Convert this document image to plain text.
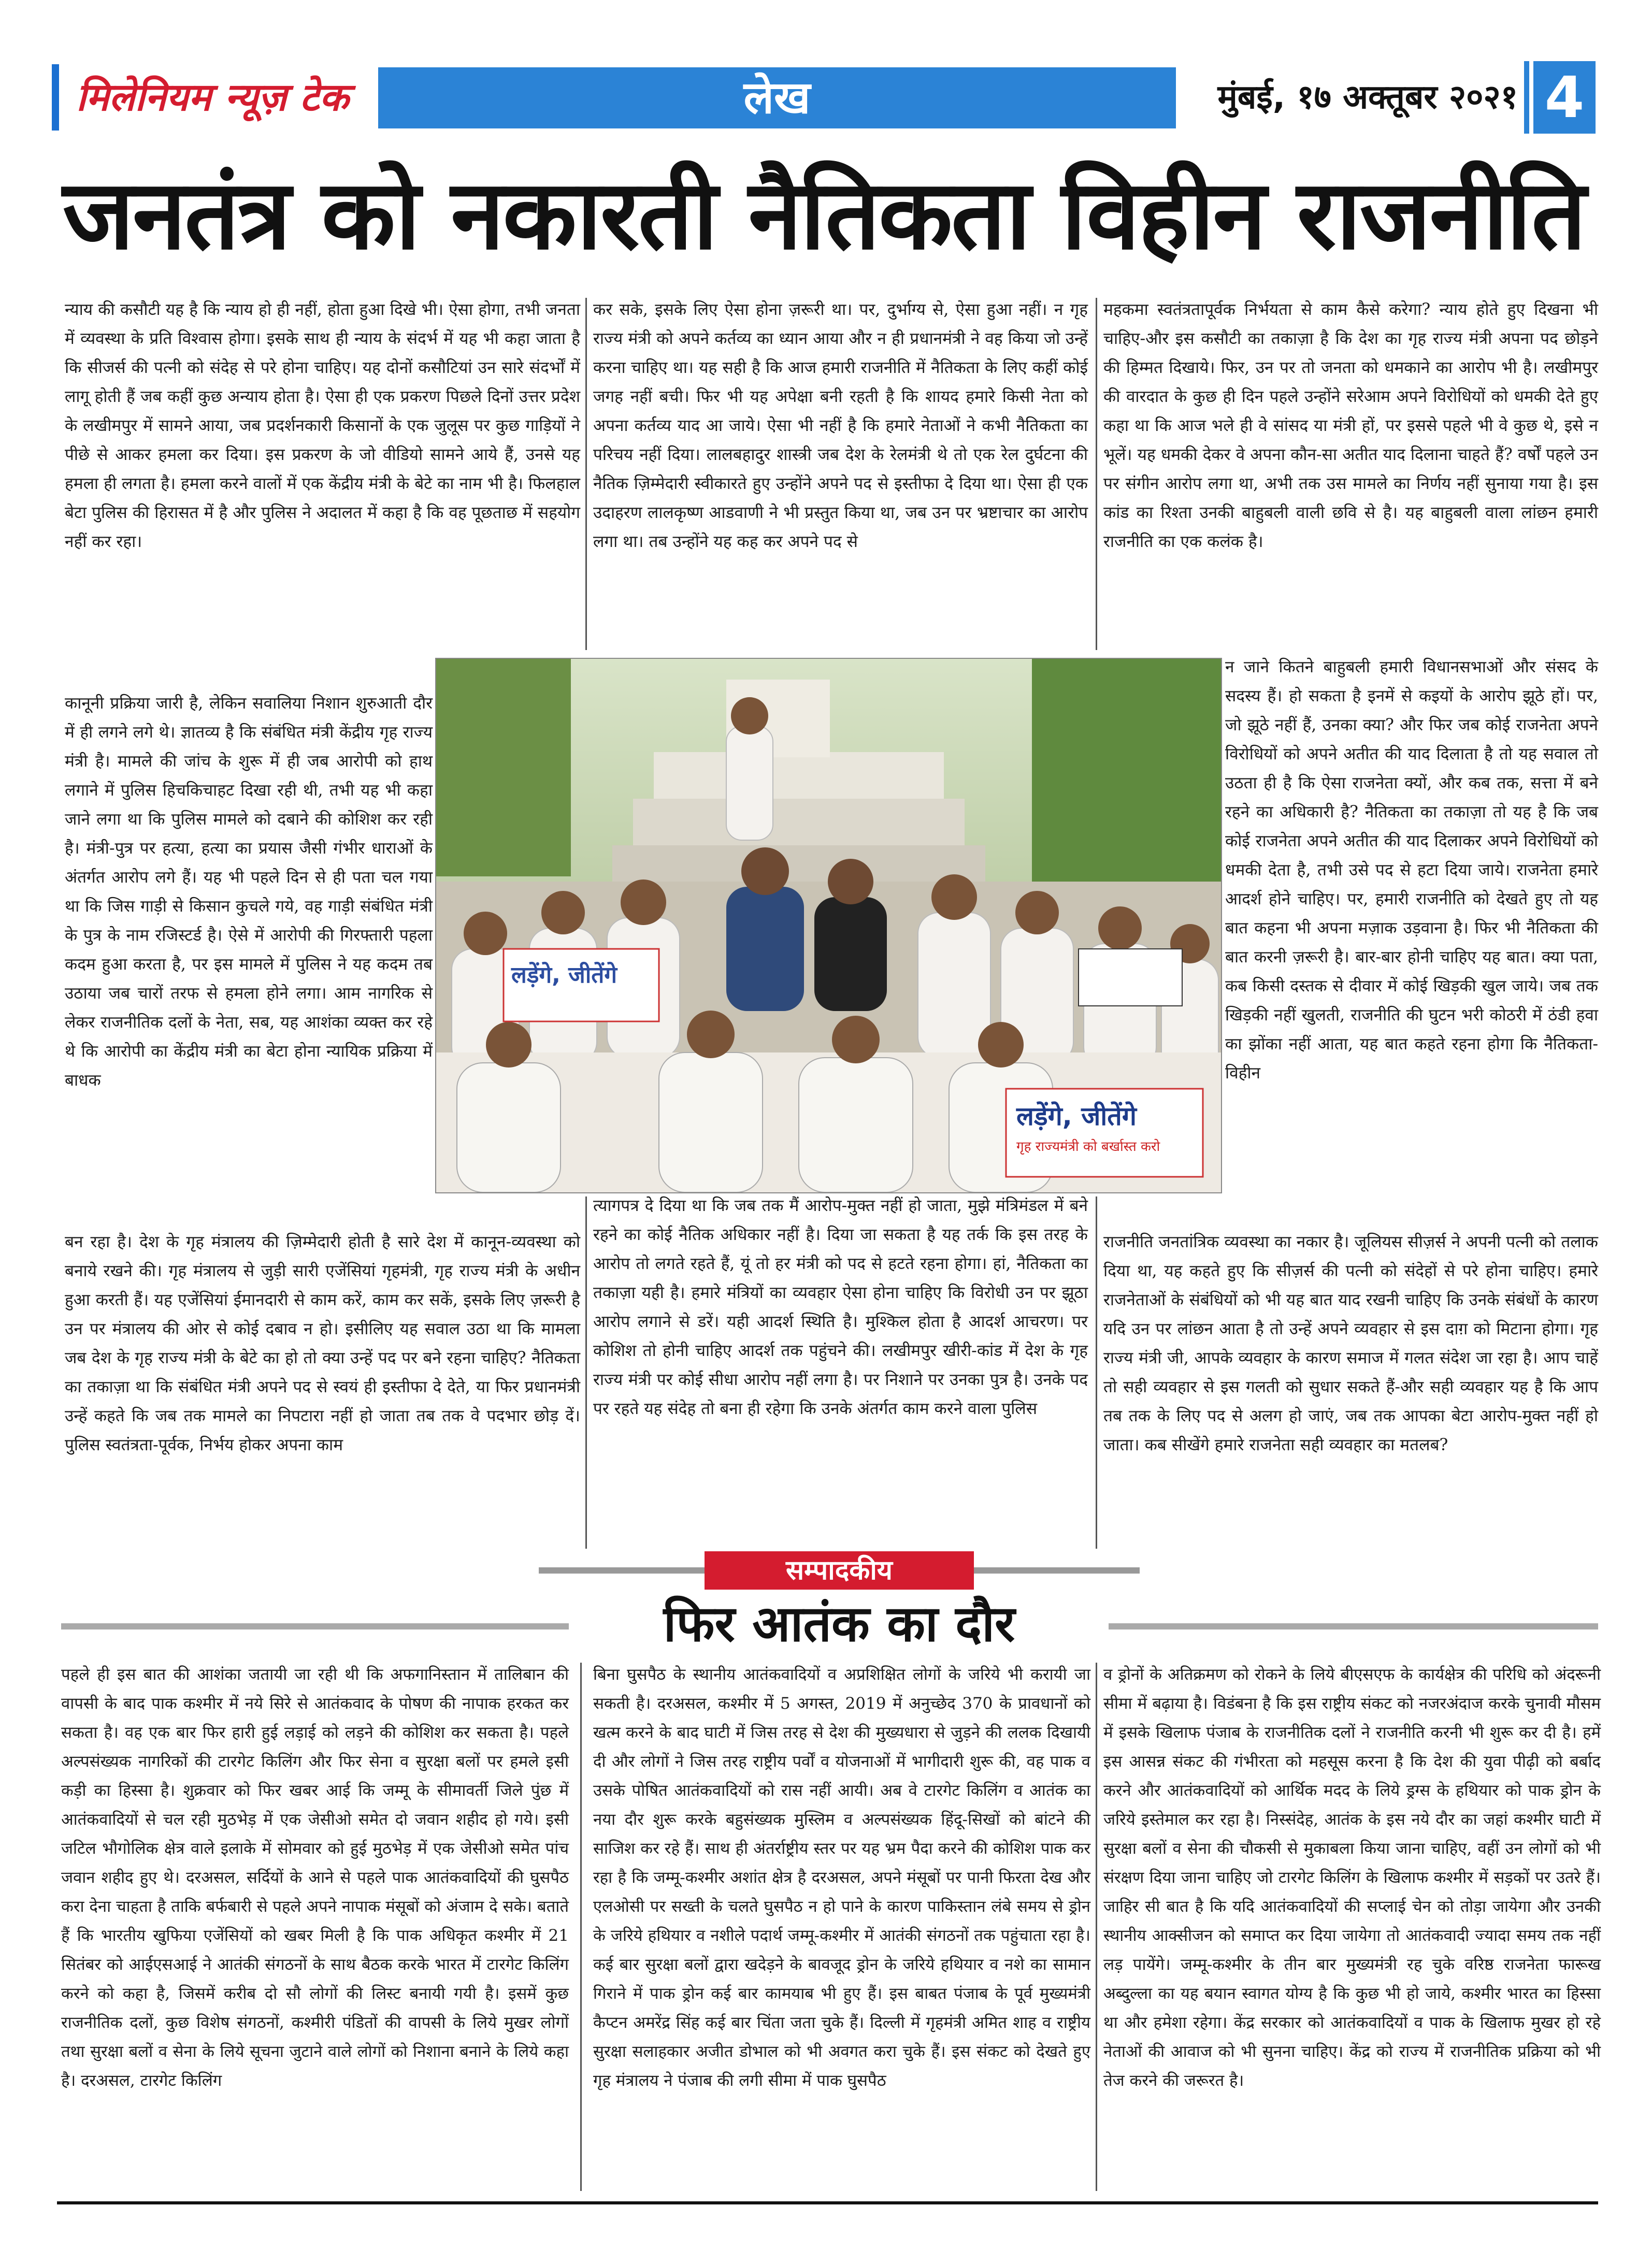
मिलेनियम न्यूज़ टेक	लेख	मुंबई, १७ अक्तूबर २०२१ 4
जनतंत्र को नकारती नैतिकता विहीन राजनीति

न्याय की कसौटी यह है कि न्याय हो ही नहीं, होता हुआ दिखे भी। ऐसा होगा, तभी जनता में व्यवस्था के प्रति विश्वास होगा। इसके साथ ही न्याय के संदर्भ में यह भी कहा जाता है कि सीजर्स की पत्नी को संदेह से परे होना चाहिए। यह दोनों कसौटियां उन सारे संदर्भों में लागू होती हैं जब कहीं कुछ अन्याय होता है। ऐसा ही एक प्रकरण पिछले दिनों उत्तर प्रदेश के लखीमपुर में सामने आया, जब प्रदर्शनकारी किसानों के एक जुलूस पर कुछ गाड़ियों ने पीछे से आकर हमला कर दिया। इस प्रकरण के जो वीडियो सामने आये हैं, उनसे यह हमला ही लगता है। हमला करने वालों में एक केंद्रीय मंत्री के बेटे का नाम भी है। फिलहाल बेटा पुलिस की हिरासत में है और पुलिस ने अदालत में कहा है कि वह पूछताछ में सहयोग नहीं कर रहा।

कानूनी प्रक्रिया जारी है, लेकिन सवालिया निशान शुरुआती दौर में ही लगने लगे थे। ज्ञातव्य है कि संबंधित मंत्री केंद्रीय गृह राज्य मंत्री है। मामले की जांच के शुरू में ही जब आरोपी को हाथ लगाने में पुलिस हिचकिचाहट दिखा रही थी, तभी यह भी कहा जाने लगा था कि पुलिस मामले को दबाने की कोशिश कर रही है। मंत्री-पुत्र पर हत्या, हत्या का प्रयास जैसी गंभीर धाराओं के अंतर्गत आरोप लगे हैं। यह भी पहले दिन से ही पता चल गया था कि जिस गाड़ी से किसान कुचले गये, वह गाड़ी संबंधित मंत्री के पुत्र के नाम रजिस्टर्ड है। ऐसे में आरोपी की गिरफ्तारी पहला कदम हुआ करता है, पर इस मामले में पुलिस ने यह कदम तब उठाया जब चारों तरफ से हमला होने लगा। आम नागरिक से लेकर राजनीतिक दलों के नेता, सब, यह आशंका व्यक्त कर रहे थे कि आरोपी का केंद्रीय मंत्री का बेटा होना न्यायिक प्रक्रिया में बाधक

बन रहा है। देश के गृह मंत्रालय की ज़िम्मेदारी होती है सारे देश में कानून-व्यवस्था को बनाये रखने की। गृह मंत्रालय से जुड़ी सारी एजेंसियां गृहमंत्री, गृह राज्य मंत्री के अधीन हुआ करती हैं। यह एजेंसियां ईमानदारी से काम करें, काम कर सकें, इसके लिए ज़रूरी है उन पर मंत्रालय की ओर से कोई दबाव न हो। इसीलिए यह सवाल उठा था कि मामला जब देश के गृह राज्य मंत्री के बेटे का हो तो क्या उन्हें पद पर बने रहना चाहिए? नैतिकता का तकाज़ा था कि संबंधित मंत्री अपने पद से स्वयं ही इस्तीफा दे देते, या फिर प्रधानमंत्री उन्हें कहते कि जब तक मामले का निपटारा नहीं हो जाता तब तक वे पदभार छोड़ दें। पुलिस स्वतंत्रता-पूर्वक, निर्भय होकर अपना काम

कर सके, इसके लिए ऐसा होना ज़रूरी था। पर, दुर्भाग्य से, ऐसा हुआ नहीं। न गृह राज्य मंत्री को अपने कर्तव्य का ध्यान आया और न ही प्रधानमंत्री ने वह किया जो उन्हें करना चाहिए था। यह सही है कि आज हमारी राजनीति में नैतिकता के लिए कहीं कोई जगह नहीं बची। फिर भी यह अपेक्षा बनी रहती है कि शायद हमारे किसी नेता को अपना कर्तव्य याद आ जाये। ऐसा भी नहीं है कि हमारे नेताओं ने कभी नैतिकता का परिचय नहीं दिया। लालबहादुर शास्त्री जब देश के रेलमंत्री थे तो एक रेल दुर्घटना की नैतिक ज़िम्मेदारी स्वीकारते हुए उन्होंने अपने पद से इस्तीफा दे दिया था। ऐसा ही एक उदाहरण लालकृष्ण आडवाणी ने भी प्रस्तुत किया था, जब उन पर भ्रष्टाचार का आरोप लगा था। तब उन्होंने यह कह कर अपने पद से

त्यागपत्र दे दिया था कि जब तक मैं आरोप-मुक्त नहीं हो जाता, मुझे मंत्रिमंडल में बने रहने का कोई नैतिक अधिकार नहीं है। दिया जा सकता है यह तर्क कि इस तरह के आरोप तो लगते रहते हैं, यूं तो हर मंत्री को पद से हटते रहना होगा। हां, नैतिकता का तकाज़ा यही है। हमारे मंत्रियों का व्यवहार ऐसा होना चाहिए कि विरोधी उन पर झूठा आरोप लगाने से डरें। यही आदर्श स्थिति है। मुश्किल होता है आदर्श आचरण। पर कोशिश तो होनी चाहिए आदर्श तक पहुंचने की। लखीमपुर खीरी-कांड में देश के गृह राज्य मंत्री पर कोई सीधा आरोप नहीं लगा है। पर निशाने पर उनका पुत्र है। उनके पद पर रहते यह संदेह तो बना ही रहेगा कि उनके अंतर्गत काम करने वाला पुलिस

महकमा स्वतंत्रतापूर्वक निर्भयता से काम कैसे करेगा? न्याय होते हुए दिखना भी चाहिए-और इस कसौटी का तकाज़ा है कि देश का गृह राज्य मंत्री अपना पद छोड़ने की हिम्मत दिखाये। फिर, उन पर तो जनता को धमकाने का आरोप भी है। लखीमपुर की वारदात के कुछ ही दिन पहले उन्होंने सरेआम अपने विरोधियों को धमकी देते हुए कहा था कि आज भले ही वे सांसद या मंत्री हों, पर इससे पहले भी वे कुछ थे, इसे न भूलें। यह धमकी देकर वे अपना कौन-सा अतीत याद दिलाना चाहते हैं? वर्षों पहले उन पर संगीन आरोप लगा था, अभी तक उस मामले का निर्णय नहीं सुनाया गया है। इस कांड का रिश्ता उनकी बाहुबली वाली छवि से है। यह बाहुबली वाला लांछन हमारी राजनीति का एक कलंक है।

न जाने कितने बाहुबली हमारी विधानसभाओं और संसद के सदस्य हैं। हो सकता है इनमें से कइयों के आरोप झूठे हों। पर, जो झूठे नहीं हैं, उनका क्या? और फिर जब कोई राजनेता अपने विरोधियों को अपने अतीत की याद दिलाता है तो यह सवाल तो उठता ही है कि ऐसा राजनेता क्यों, और कब तक, सत्ता में बने रहने का अधिकारी है? नैतिकता का तकाज़ा तो यह है कि जब कोई राजनेता अपने अतीत की याद दिलाकर अपने विरोधियों को धमकी देता है, तभी उसे पद से हटा दिया जाये। राजनेता हमारे आदर्श होने चाहिए। पर, हमारी राजनीति को देखते हुए तो यह बात कहना भी अपना मज़ाक उड़वाना है। फिर भी नैतिकता की बात करनी ज़रूरी है। बार-बार होनी चाहिए यह बात। क्या पता, कब किसी दस्तक से दीवार में कोई खिड़की खुल जाये। जब तक खिड़की नहीं खुलती, राजनीति की घुटन भरी कोठरी में ठंडी हवा का झोंका नहीं आता, यह बात कहते रहना होगा कि नैतिकता-विहीन

राजनीति जनतांत्रिक व्यवस्था का नकार है। जूलियस सीज़र्स ने अपनी पत्नी को तलाक दिया था, यह कहते हुए कि सीज़र्स की पत्नी को संदेहों से परे होना चाहिए। हमारे राजनेताओं के संबंधियों को भी यह बात याद रखनी चाहिए कि उनके संबंधों के कारण यदि उन पर लांछन आता है तो उन्हें अपने व्यवहार से इस दाग़ को मिटाना होगा। गृह राज्य मंत्री जी, आपके व्यवहार के कारण समाज में गलत संदेश जा रहा है। आप चाहें तो सही व्यवहार से इस गलती को सुधार सकते हैं-और सही व्यवहार यह है कि आप तब तक के लिए पद से अलग हो जाएं, जब तक आपका बेटा आरोप-मुक्त नहीं हो जाता। कब सीखेंगे हमारे राजनेता सही व्यवहार का मतलब?

लड़ेंगे, जीतेंगे
लड़ेंगे, जीतेंगे
गृह राज्यमंत्री को बर्खास्त करो
सम्पादकीय
फिर आतंक का दौर

पहले ही इस बात की आशंका जतायी जा रही थी कि अफगानिस्तान में तालिबान की वापसी के बाद पाक कश्मीर में नये सिरे से आतंकवाद के पोषण की नापाक हरकत कर सकता है। वह एक बार फिर हारी हुई लड़ाई को लड़ने की कोशिश कर सकता है। पहले अल्पसंख्यक नागरिकों की टारगेट किलिंग और फिर सेना व सुरक्षा बलों पर हमले इसी कड़ी का हिस्सा है। शुक्रवार को फिर खबर आई कि जम्मू के सीमावर्ती जिले पुंछ में आतंकवादियों से चल रही मुठभेड़ में एक जेसीओ समेत दो जवान शहीद हो गये। इसी जटिल भौगोलिक क्षेत्र वाले इलाके में सोमवार को हुई मुठभेड़ में एक जेसीओ समेत पांच जवान शहीद हुए थे। दरअसल, सर्दियों के आने से पहले पाक आतंकवादियों की घुसपैठ करा देना चाहता है ताकि बर्फबारी से पहले अपने नापाक मंसूबों को अंजाम दे सके। बताते हैं कि भारतीय खुफिया एजेंसियों को खबर मिली है कि पाक अधिकृत कश्मीर में 21 सितंबर को आईएसआई ने आतंकी संगठनों के साथ बैठक करके भारत में टारगेट किलिंग करने को कहा है, जिसमें करीब दो सौ लोगों की लिस्ट बनायी गयी है। इसमें कुछ राजनीतिक दलों, कुछ विशेष संगठनों, कश्मीरी पंडितों की वापसी के लिये मुखर लोगों तथा सुरक्षा बलों व सेना के लिये सूचना जुटाने वाले लोगों को निशाना बनाने के लिये कहा है। दरअसल, टारगेट किलिंग

बिना घुसपैठ के स्थानीय आतंकवादियों व अप्रशिक्षित लोगों के जरिये भी करायी जा सकती है। दरअसल, कश्मीर में 5 अगस्त, 2019 में अनुच्छेद 370 के प्रावधानों को खत्म करने के बाद घाटी में जिस तरह से देश की मुख्यधारा से जुड़ने की ललक दिखायी दी और लोगों ने जिस तरह राष्ट्रीय पर्वों व योजनाओं में भागीदारी शुरू की, वह पाक व उसके पोषित आतंकवादियों को रास नहीं आयी। अब वे टारगेट किलिंग व आतंक का नया दौर शुरू करके बहुसंख्यक मुस्लिम व अल्पसंख्यक हिंदू-सिखों को बांटने की साजिश कर रहे हैं। साथ ही अंतर्राष्ट्रीय स्तर पर यह भ्रम पैदा करने की कोशिश पाक कर रहा है कि जम्मू-कश्मीर अशांत क्षेत्र है दरअसल, अपने मंसूबों पर पानी फिरता देख और एलओसी पर सख्ती के चलते घुसपैठ न हो पाने के कारण पाकिस्तान लंबे समय से ड्रोन के जरिये हथियार व नशीले पदार्थ जम्मू-कश्मीर में आतंकी संगठनों तक पहुंचाता रहा है। कई बार सुरक्षा बलों द्वारा खदेड़ने के बावजूद ड्रोन के जरिये हथियार व नशे का सामान गिराने में पाक ड्रोन कई बार कामयाब भी हुए हैं। इस बाबत पंजाब के पूर्व मुख्यमंत्री कैप्टन अमरेंद्र सिंह कई बार चिंता जता चुके हैं। दिल्ली में गृहमंत्री अमित शाह व राष्ट्रीय सुरक्षा सलाहकार अजीत डोभाल को भी अवगत करा चुके हैं। इस संकट को देखते हुए गृह मंत्रालय ने पंजाब की लगी सीमा में पाक घुसपैठ

व ड्रोनों के अतिक्रमण को रोकने के लिये बीएसएफ के कार्यक्षेत्र की परिधि को अंदरूनी सीमा में बढ़ाया है। विडंबना है कि इस राष्ट्रीय संकट को नजरअंदाज करके चुनावी मौसम में इसके खिलाफ पंजाब के राजनीतिक दलों ने राजनीति करनी भी शुरू कर दी है। हमें इस आसन्न संकट की गंभीरता को महसूस करना है कि देश की युवा पीढ़ी को बर्बाद करने और आतंकवादियों को आर्थिक मदद के लिये ड्रग्स के हथियार को पाक ड्रोन के जरिये इस्तेमाल कर रहा है। निस्संदेह, आतंक के इस नये दौर का जहां कश्मीर घाटी में सुरक्षा बलों व सेना की चौकसी से मुकाबला किया जाना चाहिए, वहीं उन लोगों को भी संरक्षण दिया जाना चाहिए जो टारगेट किलिंग के खिलाफ कश्मीर में सड़कों पर उतरे हैं। जाहिर सी बात है कि यदि आतंकवादियों की सप्लाई चेन को तोड़ा जायेगा और उनकी स्थानीय आक्सीजन को समाप्त कर दिया जायेगा तो आतंकवादी ज्यादा समय तक नहीं लड़ पायेंगे। जम्मू-कश्मीर के तीन बार मुख्यमंत्री रह चुके वरिष्ठ राजनेता फारूख अब्दुल्ला का यह बयान स्वागत योग्य है कि कुछ भी हो जाये, कश्मीर भारत का हिस्सा था और हमेशा रहेगा। केंद्र सरकार को आतंकवादियों व पाक के खिलाफ मुखर हो रहे नेताओं की आवाज को भी सुनना चाहिए। केंद्र को राज्य में राजनीतिक प्रक्रिया को भी तेज करने की जरूरत है।
